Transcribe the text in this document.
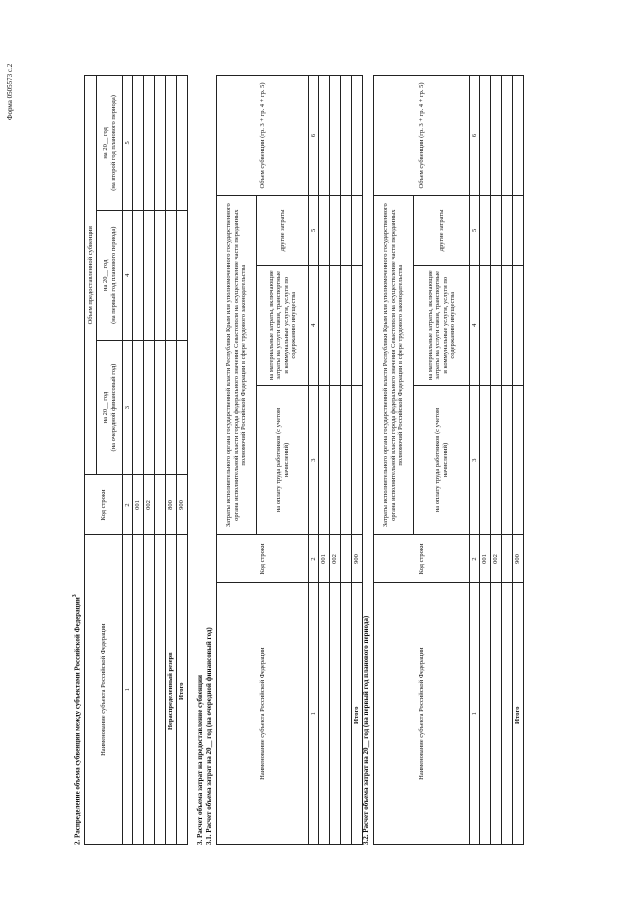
Форма 0505573 с.2
2. Распределение объема субвенции между субъектами Российской Федерации$^3$
Наименование субъекта Российской Федерации	Код строки	Объем предоставленной субвенции		

		на 20__ год (на очередной финансовый год)	на 20__ год (на первый год планового периода)	на 20__ год (на второй год планового периода)

1	2	3	4	5
	001			
	002			

Нераспределенный резерв	800			
Итого	900			
3. Расчет объема затрат на предоставление субвенции 3.1. Расчет объема затрат на 20__ год (на очередной финансовый год)	Наименование субъекта Российской Федерации	Код строки	Затраты исполнительного органа государственной власти Республики Крым или уполномоченного государственного органа исполнительной власти города федерального значения Севастополя на осуществление части переданных полномочий Российской Федерации в сфере трудового законодательства			Объем субвенции (гр. 3 + гр. 4 + гр. 5)
		на оплату труда работников (с учетом начислений)	на материальные затраты, включающие затраты на услуги связи, транспортные и коммунальные услуги, услуги по содержанию имущества	другие затраты	
1	2	3	4	5	6
	001				
	002				

Итого	900				
3.2. Расчет объема затрат на 20__ год (на первый год планового периода)	Наименование субъекта Российской Федерации	Код строки	Затраты исполнительного органа государственной власти Республики Крым или уполномоченного государственного органа исполнительной власти города федерального значения Севастополя на осуществление части переданных полномочий Российской Федерации в сфере трудового законодательства			Объем субвенции (гр. 3 + гр. 4 + гр. 5)
		на оплату труда работников (с учетом начислений)	на материальные затраты, включающие затраты на услуги связи, транспортные и коммунальные услуги, услуги по содержанию имущества	другие затраты	
1	2	3	4	5	6
	001				
	002				

Итого	900				
